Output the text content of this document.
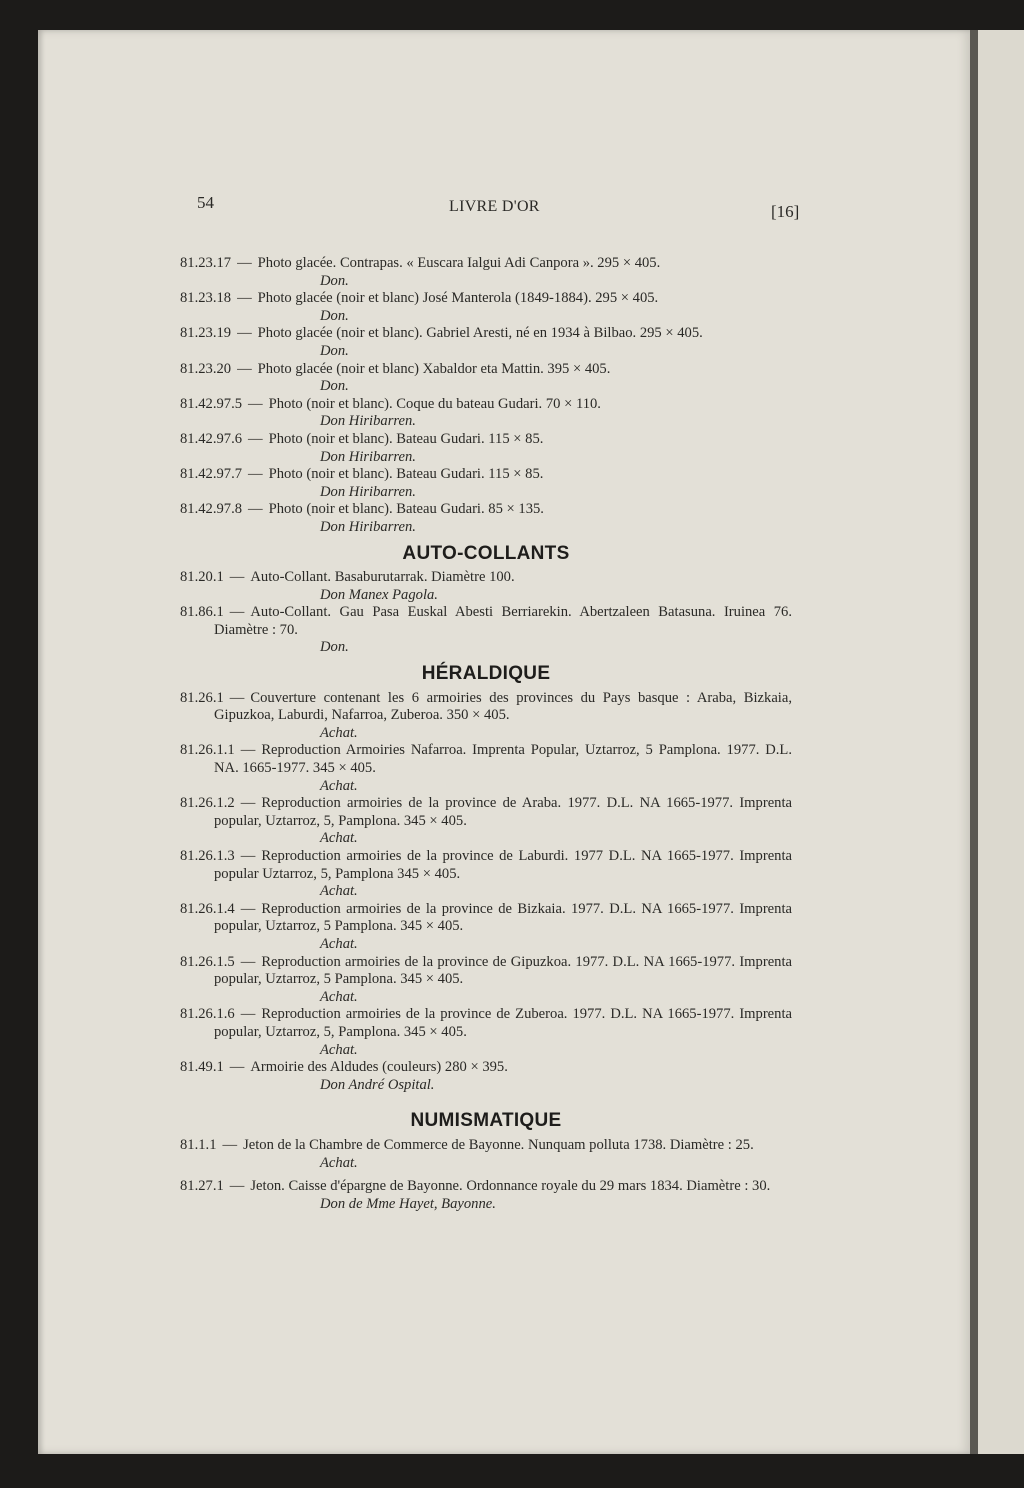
54	LIVRE D'OR	[16]
81.23.17 — Photo glacée. Contrapas. « Euscara Ialgui Adi Canpora ». 295 × 405.
Don.
81.23.18 — Photo glacée (noir et blanc) José Manterola (1849-1884). 295 × 405.
Don.
81.23.19 — Photo glacée (noir et blanc). Gabriel Aresti, né en 1934 à Bilbao. 295 × 405.
Don.
81.23.20 — Photo glacée (noir et blanc) Xabaldor eta Mattin. 395 × 405.
Don.
81.42.97.5 — Photo (noir et blanc). Coque du bateau Gudari. 70 × 110.
Don Hiribarren.
81.42.97.6 — Photo (noir et blanc). Bateau Gudari. 115 × 85.
Don Hiribarren.
81.42.97.7 — Photo (noir et blanc). Bateau Gudari. 115 × 85.
Don Hiribarren.
81.42.97.8 — Photo (noir et blanc). Bateau Gudari. 85 × 135.
Don Hiribarren.
AUTO-COLLANTS
81.20.1 — Auto-Collant. Basaburutarrak. Diamètre 100.
Don Manex Pagola.
81.86.1 — Auto-Collant. Gau Pasa Euskal Abesti Berriarekin. Abertzaleen Batasuna. Iruinea 76. Diamètre : 70.
Don.
HÉRALDIQUE
81.26.1 — Couverture contenant les 6 armoiries des provinces du Pays basque : Araba, Bizkaia, Gipuzkoa, Laburdi, Nafarroa, Zuberoa. 350 × 405.
Achat.
81.26.1.1 — Reproduction Armoiries Nafarroa. Imprenta Popular, Uztarroz, 5 Pamplona. 1977. D.L. NA. 1665-1977. 345 × 405.
Achat.
81.26.1.2 — Reproduction armoiries de la province de Araba. 1977. D.L. NA 1665-1977. Imprenta popular, Uztarroz, 5, Pamplona. 345 × 405.
Achat.
81.26.1.3 — Reproduction armoiries de la province de Laburdi. 1977 D.L. NA 1665-1977. Imprenta popular Uztarroz, 5, Pamplona 345 × 405.
Achat.
81.26.1.4 — Reproduction armoiries de la province de Bizkaia. 1977. D.L. NA 1665-1977. Imprenta popular, Uztarroz, 5 Pamplona. 345 × 405.
Achat.
81.26.1.5 — Reproduction armoiries de la province de Gipuzkoa. 1977. D.L. NA 1665-1977. Imprenta popular, Uztarroz, 5 Pamplona. 345 × 405.
Achat.
81.26.1.6 — Reproduction armoiries de la province de Zuberoa. 1977. D.L. NA 1665-1977. Imprenta popular, Uztarroz, 5, Pamplona. 345 × 405.
Achat.
81.49.1 — Armoirie des Aldudes (couleurs) 280 × 395.
Don André Ospital.
NUMISMATIQUE
81.1.1 — Jeton de la Chambre de Commerce de Bayonne. Nunquam polluta 1738. Diamètre : 25.
Achat.
81.27.1 — Jeton. Caisse d'épargne de Bayonne. Ordonnance royale du 29 mars 1834. Diamètre : 30.
Don de Mme Hayet, Bayonne.
